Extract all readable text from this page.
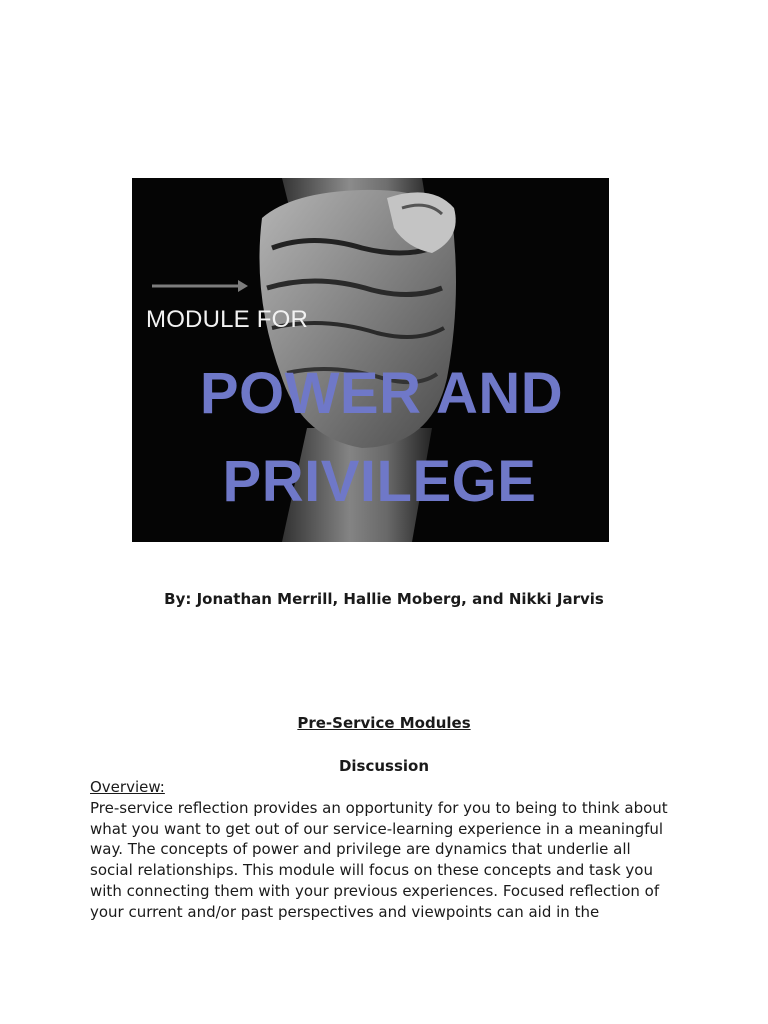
MODULE FOR
POWER AND
PRIVILEGE
By: Jonathan Merrill, Hallie Moberg, and Nikki Jarvis
Pre-Service Modules
Discussion
Overview:
Pre-service reflection provides an opportunity for you to being to think about
what you want to get out of our service-learning experience in a meaningful
way. The concepts of power and privilege are dynamics that underlie all
social relationships. This module will focus on these concepts and task you
with connecting them with your previous experiences. Focused reflection of
your current and/or past perspectives and viewpoints can aid in the
